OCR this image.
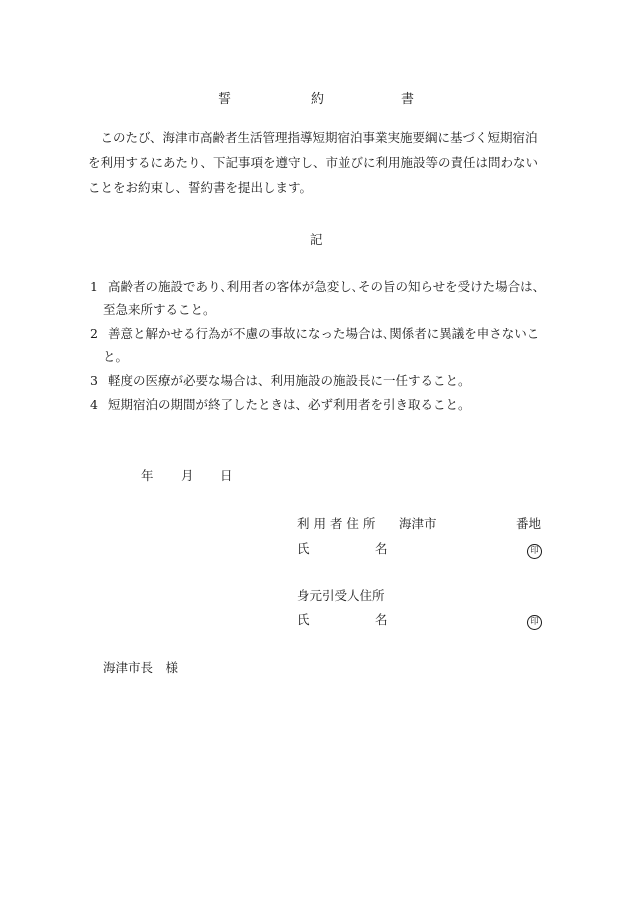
誓	約	書
　このたび、海津市高齢者生活管理指導短期宿泊事業実施要綱に基づく短期宿泊
を利用するにあたり、下記事項を遵守し、市並びに利用施設等の責任は問わない
ことをお約束し、誓約書を提出します。
記
1 高齢者の施設であり､利用者の客体が急変し､その旨の知らせを受けた場合は、
至急来所すること。
2 善意と解かせる行為が不慮の事故になった場合は､関係者に異議を申さないこ
と。
3 軽度の医療が必要な場合は、利用施設の施設長に一任すること。
4 短期宿泊の期間が終了したときは、必ず利用者を引き取ること。
年 月 日
利 用 者 住 所 海津市	番地
氏	名	印
身元引受人住所
氏	名	印
海津市長　様
